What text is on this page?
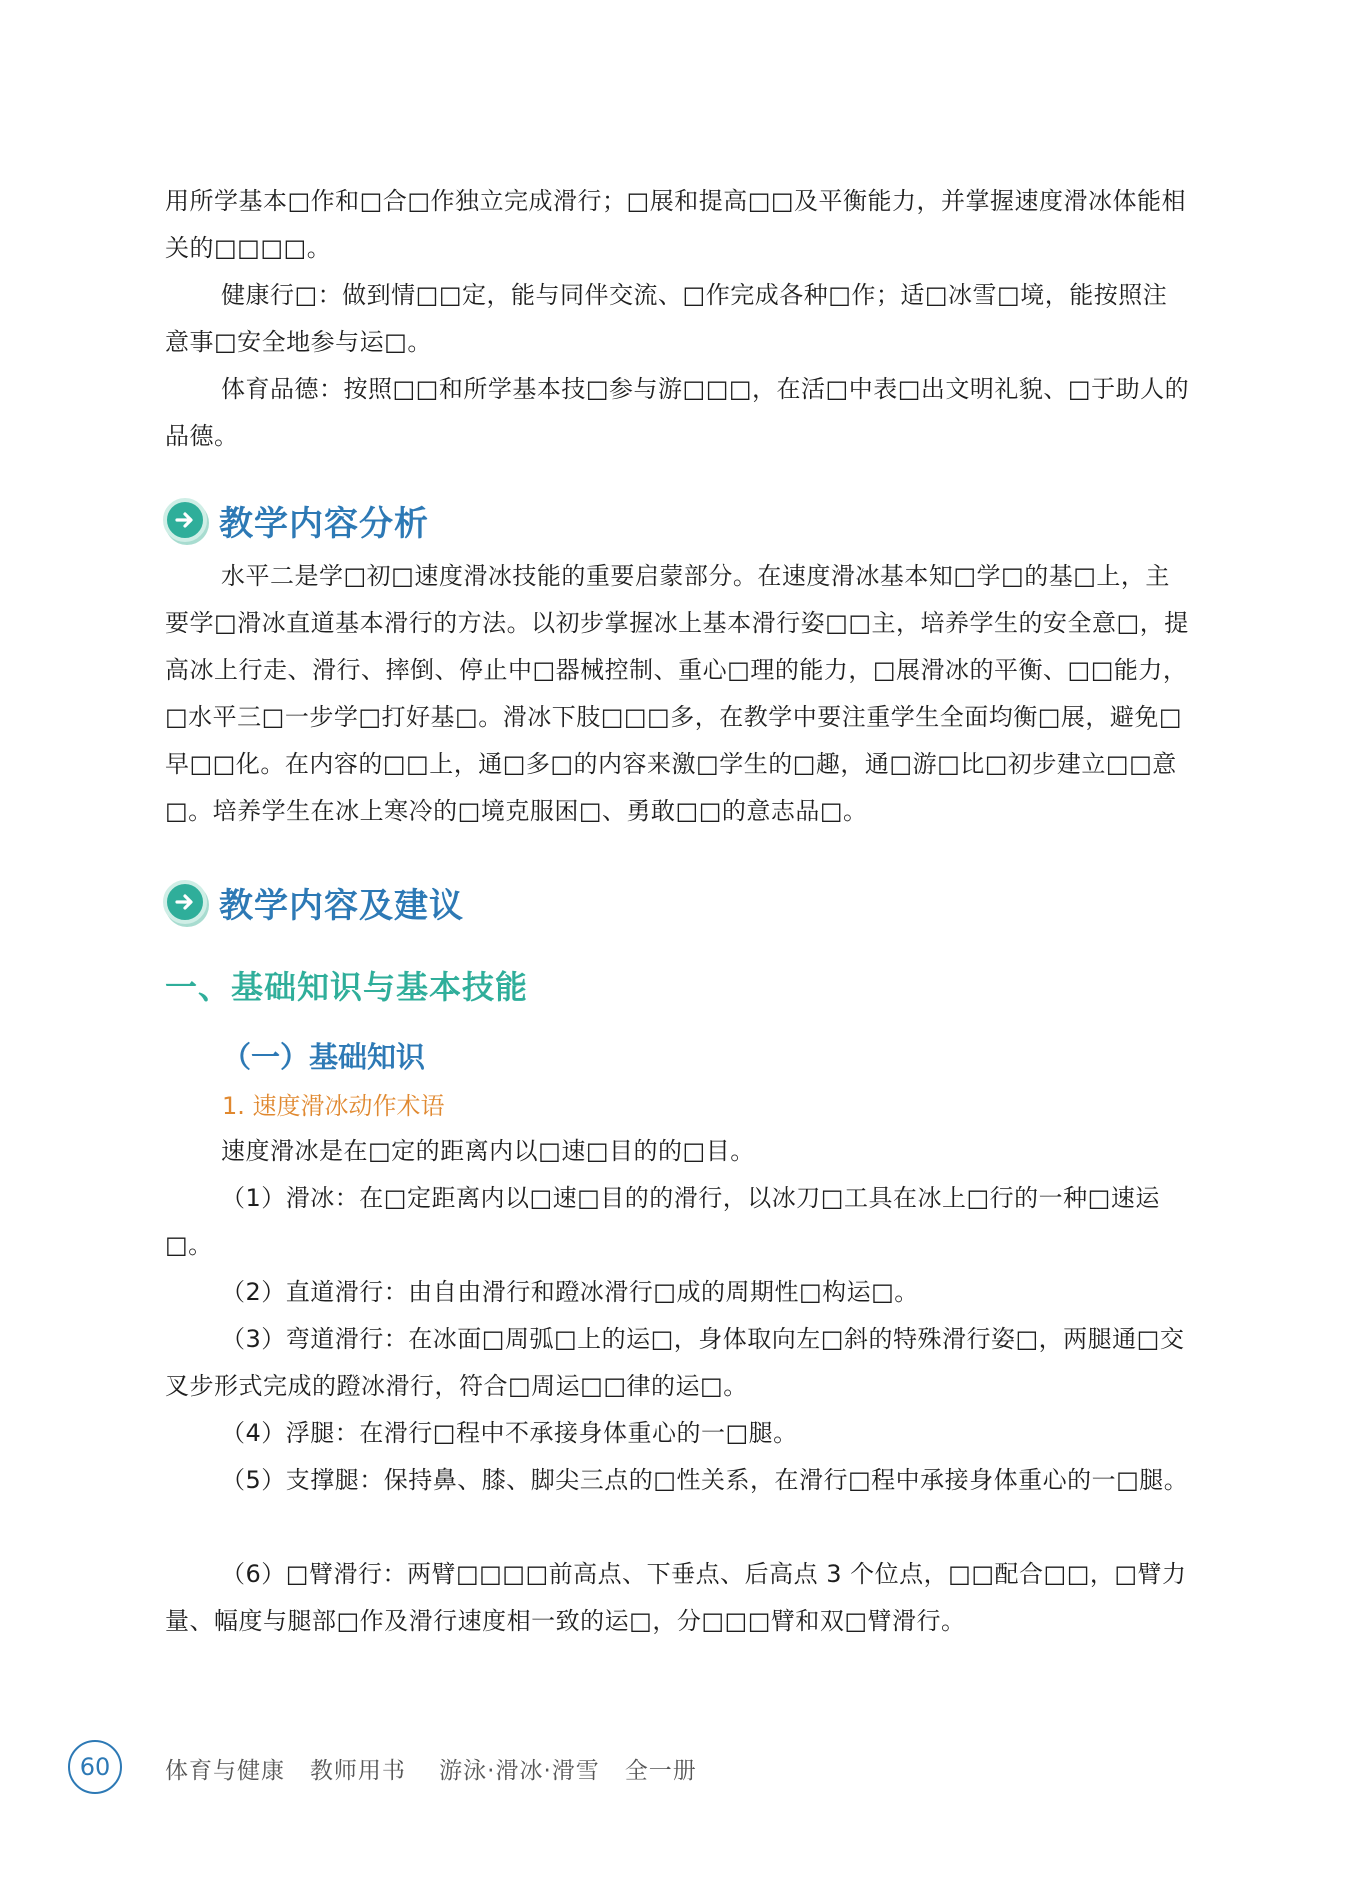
用所学基本□作和□合□作独立完成滑行；□展和提高□□及平衡能力，并掌握速度滑冰体能相关的□□□□。

健康行□：做到情□□定，能与同伴交流、□作完成各种□作；适□冰雪□境，能按照注意事□安全地参与运□。

体育品德：按照□□和所学基本技□参与游□□□，在活□中表□出文明礼貌、□于助人的品德。

教学内容分析

水平二是学□初□速度滑冰技能的重要启蒙部分。在速度滑冰基本知□学□的基□上，主要学□滑冰直道基本滑行的方法。以初步掌握冰上基本滑行姿□□主，培养学生的安全意□，提高冰上行走、滑行、摔倒、停止中□器械控制、重心□理的能力，□展滑冰的平衡、□□能力，□水平三□一步学□打好基□。滑冰下肢□□□多，在教学中要注重学生全面均衡□展，避免□早□□化。在内容的□□上，通□多□的内容来激□学生的□趣，通□游□比□初步建立□□意□。培养学生在冰上寒冷的□境克服困□、勇敢□□的意志品□。

教学内容及建议
一、基础知识与基本技能
（一）基础知识
1. 速度滑冰动作术语

速度滑冰是在□定的距离内以□速□目的的□目。

（1）滑冰：在□定距离内以□速□目的的滑行，以冰刀□工具在冰上□行的一种□速运□。

（2）直道滑行：由自由滑行和蹬冰滑行□成的周期性□构运□。

（3）弯道滑行：在冰面□周弧□上的运□，身体取向左□斜的特殊滑行姿□，两腿通□交叉步形式完成的蹬冰滑行，符合□周运□□律的运□。

（4）浮腿：在滑行□程中不承接身体重心的一□腿。

（5）支撑腿：保持鼻、膝、脚尖三点的□性关系，在滑行□程中承接身体重心的一□腿。

（6）□臂滑行：两臂□□□□前高点、下垂点、后高点 3 个位点，□□配合□□，□臂力量、幅度与腿部□作及滑行速度相一致的运□，分□□□臂和双□臂滑行。

60	体育与健康   教师用书    游泳·滑冰·滑雪   全一册
